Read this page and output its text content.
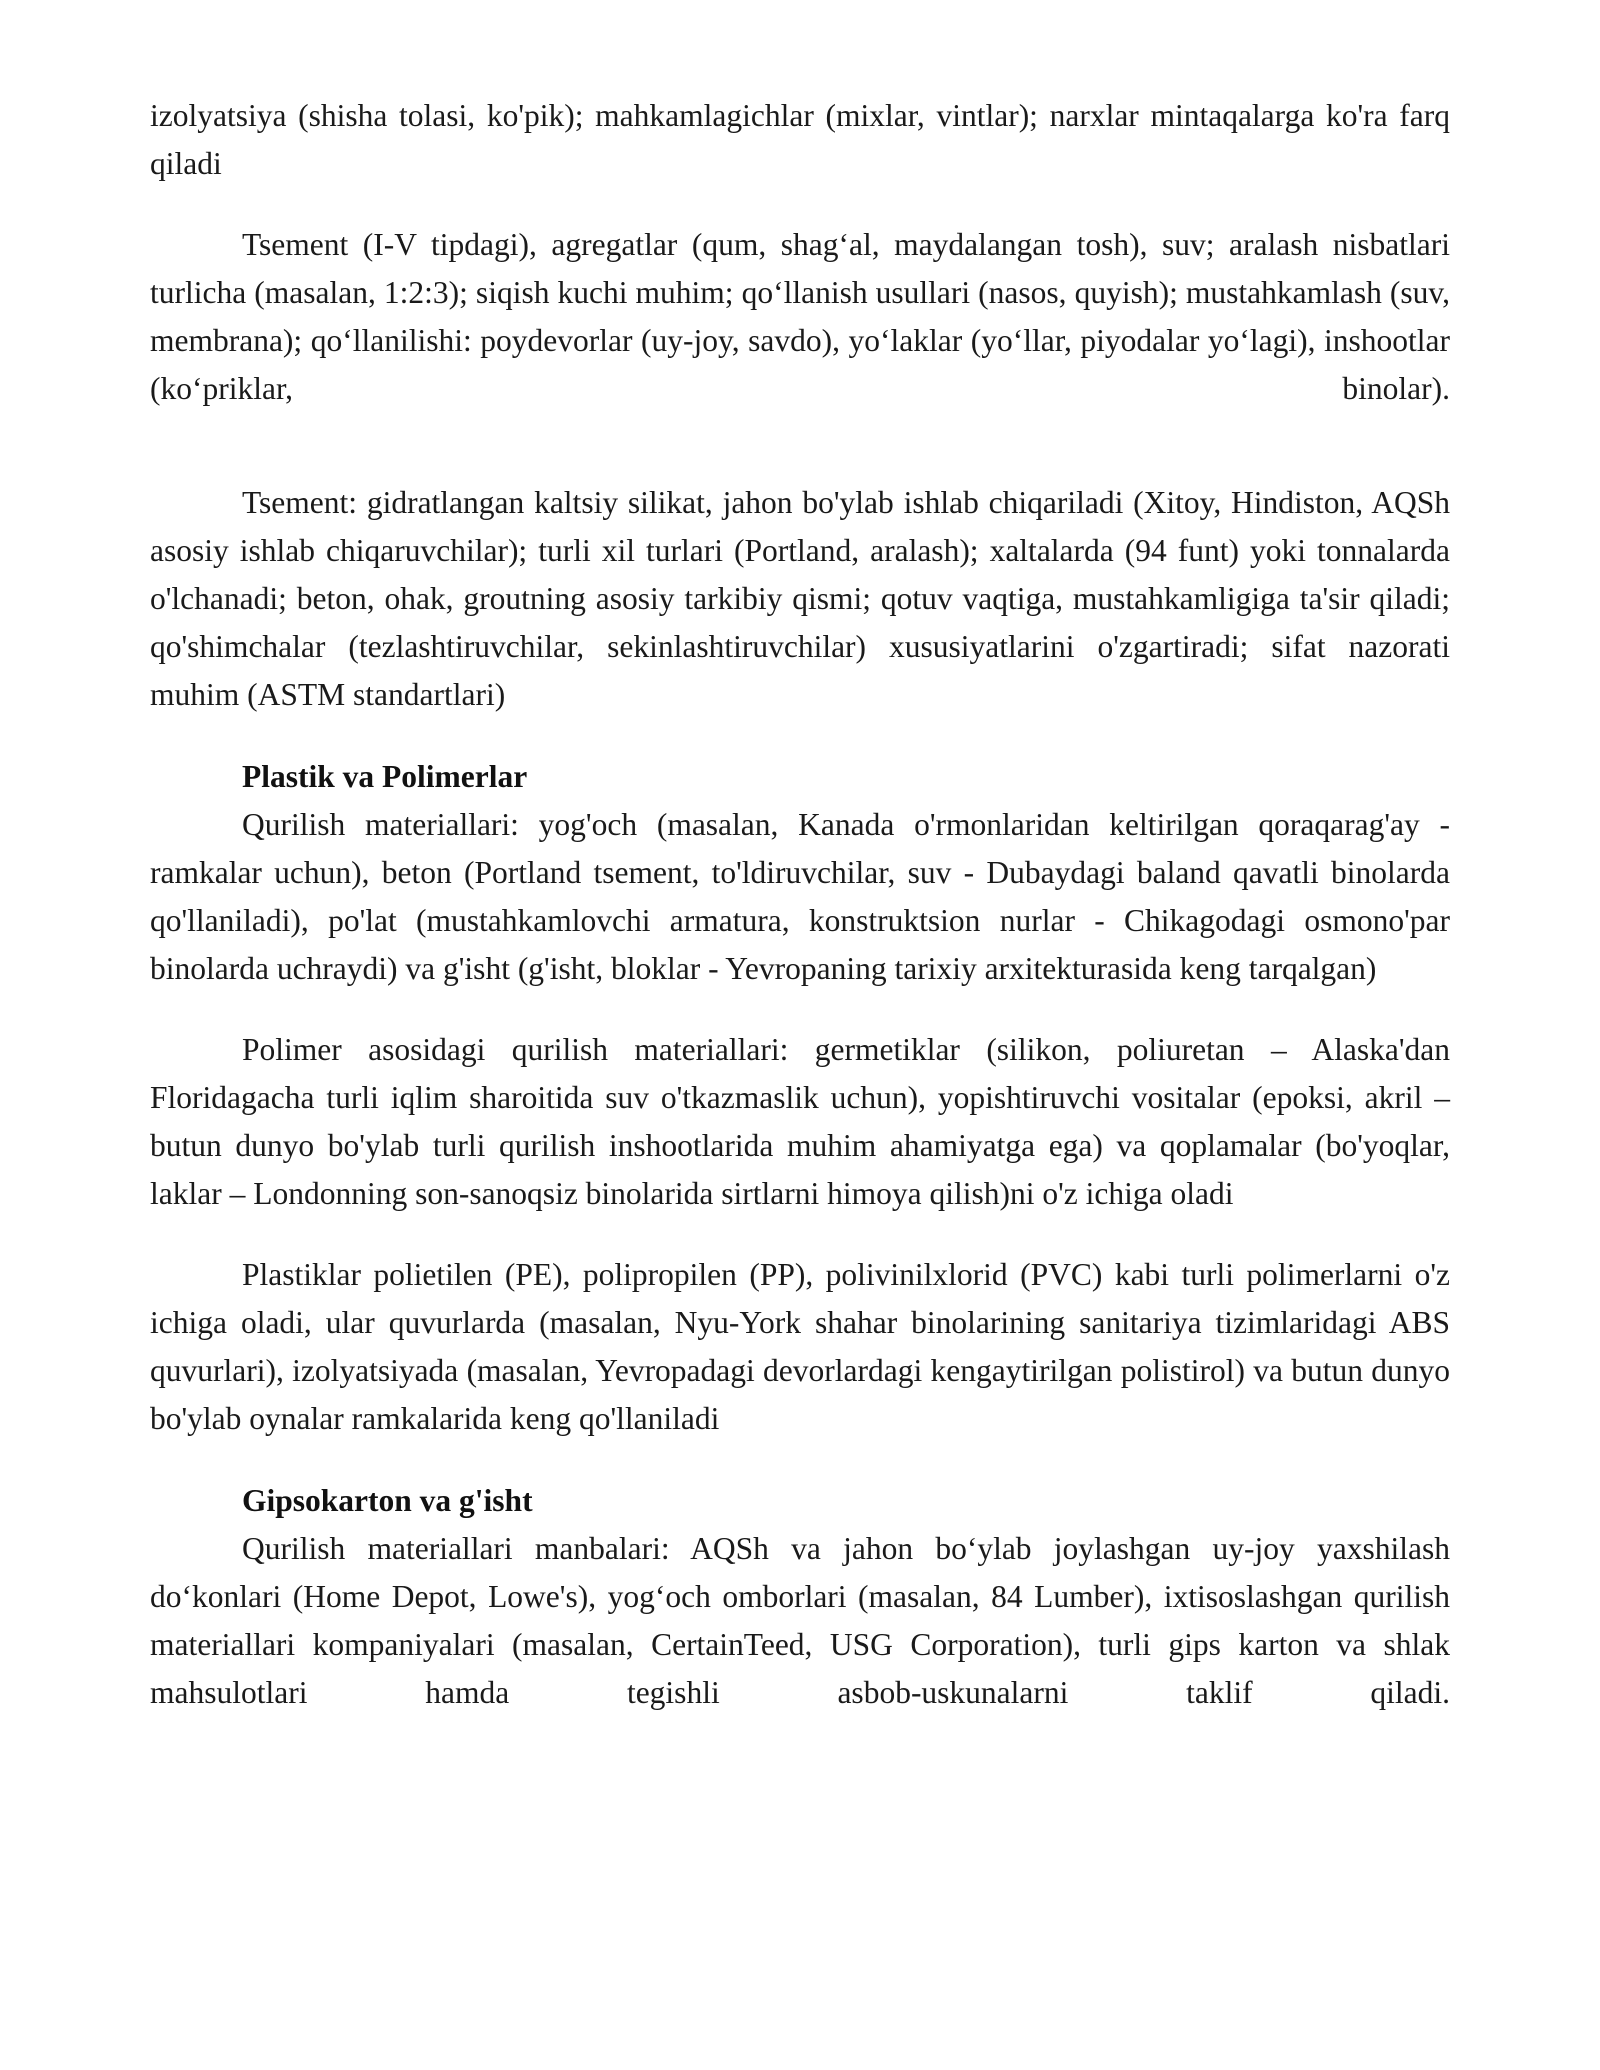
izolyatsiya (shisha tolasi, ko'pik); mahkamlagichlar (mixlar, vintlar); narxlar mintaqalarga ko'ra farq qiladi

Tsement (I-V tipdagi), agregatlar (qum, shag‘al, maydalangan tosh), suv; aralash nisbatlari turlicha (masalan, 1:2:3); siqish kuchi muhim; qo‘llanish usullari (nasos, quyish); mustahkamlash (suv, membrana); qo‘llanilishi: poydevorlar (uy-joy, savdo), yo‘laklar (yo‘llar, piyodalar yo‘lagi), inshootlar (ko‘priklar, binolar).

Tsement: gidratlangan kaltsiy silikat, jahon bo'ylab ishlab chiqariladi (Xitoy, Hindiston, AQSh asosiy ishlab chiqaruvchilar); turli xil turlari (Portland, aralash); xaltalarda (94 funt) yoki tonnalarda o'lchanadi; beton, ohak, groutning asosiy tarkibiy qismi; qotuv vaqtiga, mustahkamligiga ta'sir qiladi; qo'shimchalar (tezlashtiruvchilar, sekinlashtiruvchilar) xususiyatlarini o'zgartiradi; sifat nazorati muhim (ASTM standartlari)

Plastik va Polimerlar

Qurilish materiallari: yog'och (masalan, Kanada o'rmonlaridan keltirilgan qoraqarag'ay - ramkalar uchun), beton (Portland tsement, to'ldiruvchilar, suv - Dubaydagi baland qavatli binolarda qo'llaniladi), po'lat (mustahkamlovchi armatura, konstruktsion nurlar - Chikagodagi osmono'par binolarda uchraydi) va g'isht (g'isht, bloklar - Yevropaning tarixiy arxitekturasida keng tarqalgan)

Polimer asosidagi qurilish materiallari: germetiklar (silikon, poliuretan – Alaska'dan Floridagacha turli iqlim sharoitida suv o'tkazmaslik uchun), yopishtiruvchi vositalar (epoksi, akril – butun dunyo bo'ylab turli qurilish inshootlarida muhim ahamiyatga ega) va qoplamalar (bo'yoqlar, laklar – Londonning son-sanoqsiz binolarida sirtlarni himoya qilish)ni o'z ichiga oladi

Plastiklar polietilen (PE), polipropilen (PP), polivinilxlorid (PVC) kabi turli polimerlarni o'z ichiga oladi, ular quvurlarda (masalan, Nyu-York shahar binolarining sanitariya tizimlaridagi ABS quvurlari), izolyatsiyada (masalan, Yevropadagi devorlardagi kengaytirilgan polistirol) va butun dunyo bo'ylab oynalar ramkalarida keng qo'llaniladi

Gipsokarton va g'isht

Qurilish materiallari manbalari: AQSh va jahon bo‘ylab joylashgan uy-joy yaxshilash do‘konlari (Home Depot, Lowe's), yog‘och omborlari (masalan, 84 Lumber), ixtisoslashgan qurilish materiallari kompaniyalari (masalan, CertainTeed, USG Corporation), turli gips karton va shlak mahsulotlari hamda tegishli asbob-uskunalarni taklif qiladi.
